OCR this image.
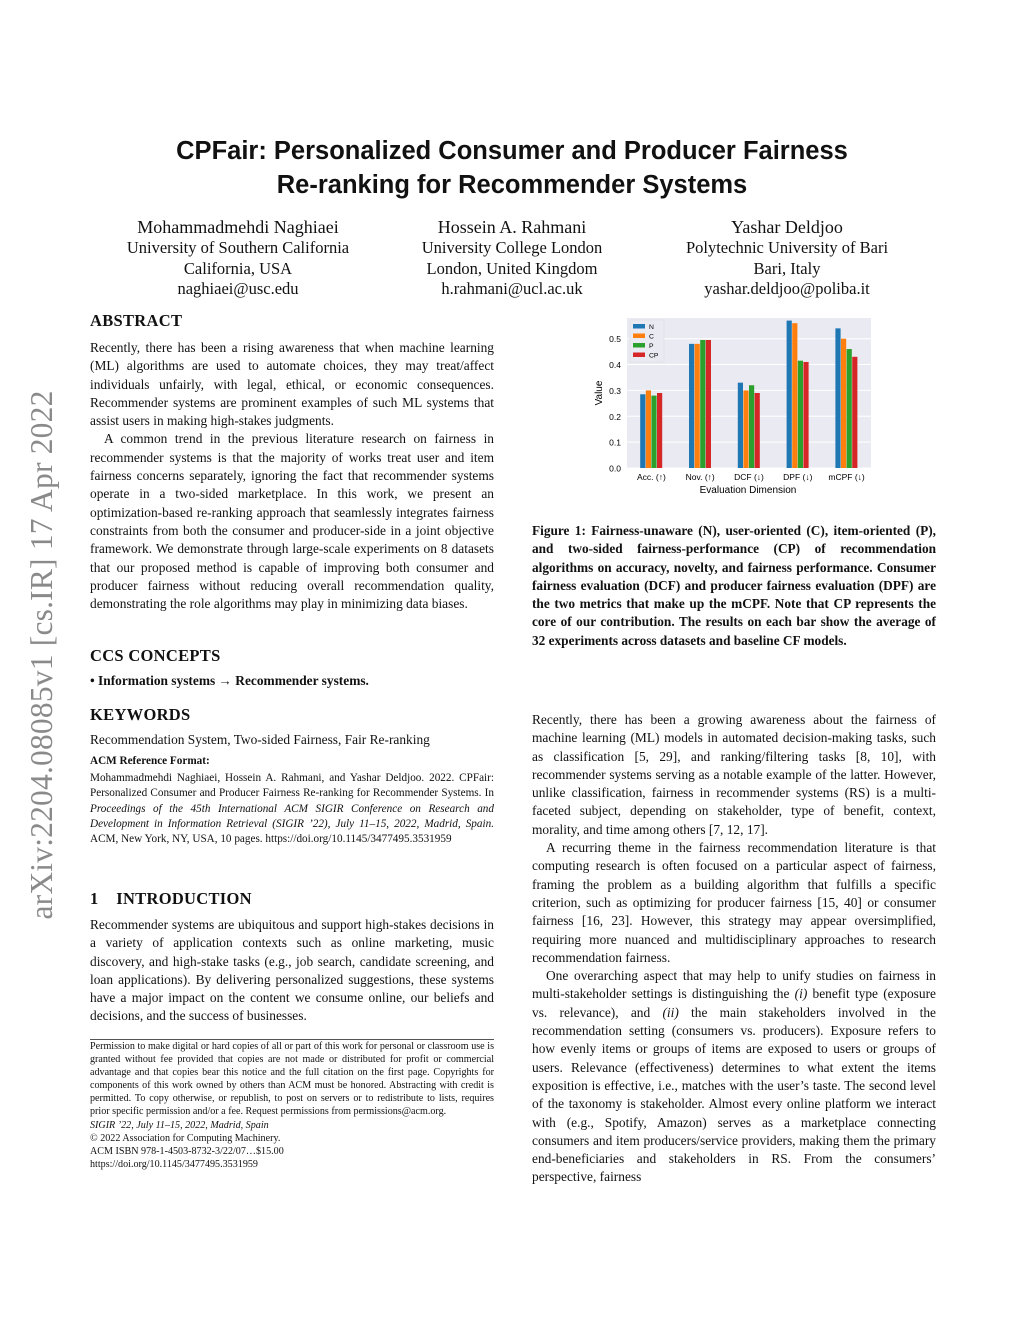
arXiv:2204.08085v1 [cs.IR] 17 Apr 2022
CPFair: Personalized Consumer and Producer Fairness
Re-ranking for Recommender Systems
Mohammadmehdi Naghiaei
University of Southern California
California, USA
naghiaei@usc.edu
Hossein A. Rahmani
University College London
London, United Kingdom
h.rahmani@ucl.ac.uk
Yashar Deldjoo
Polytechnic University of Bari
Bari, Italy
yashar.deldjoo@poliba.it
ABSTRACT

Recently, there has been a rising awareness that when machine learning (ML) algorithms are used to automate choices, they may treat/affect individuals unfairly, with legal, ethical, or economic consequences. Recommender systems are prominent examples of such ML systems that assist users in making high-stakes judgments.

A common trend in the previous literature research on fairness in recommender systems is that the majority of works treat user and item fairness concerns separately, ignoring the fact that recommender systems operate in a two-sided marketplace. In this work, we present an optimization-based re-ranking approach that seamlessly integrates fairness constraints from both the consumer and producer-side in a joint objective framework. We demonstrate through large-scale experiments on 8 datasets that our proposed method is capable of improving both consumer and producer fairness without reducing overall recommendation quality, demonstrating the role algorithms may play in minimizing data biases.

CCS CONCEPTS

• Information systems → Recommender systems.

KEYWORDS

Recommendation System, Two-sided Fairness, Fair Re-ranking

ACM Reference Format:

Mohammadmehdi Naghiaei, Hossein A. Rahmani, and Yashar Deldjoo. 2022. CPFair: Personalized Consumer and Producer Fairness Re-ranking for Recommender Systems. In Proceedings of the 45th International ACM SIGIR Conference on Research and Development in Information Retrieval (SIGIR ’22), July 11–15, 2022, Madrid, Spain. ACM, New York, NY, USA, 10 pages. https://doi.org/10.1145/3477495.3531959

1    INTRODUCTION

Recommender systems are ubiquitous and support high-stakes decisions in a variety of application contexts such as online marketing, music discovery, and high-stake tasks (e.g., job search, candidate screening, and loan applications). By delivering personalized suggestions, these systems have a major impact on the content we consume online, our beliefs and decisions, and the success of businesses.

Permission to make digital or hard copies of all or part of this work for personal or classroom use is granted without fee provided that copies are not made or distributed for profit or commercial advantage and that copies bear this notice and the full citation on the first page. Copyrights for components of this work owned by others than ACM must be honored. Abstracting with credit is permitted. To copy otherwise, or republish, to post on servers or to redistribute to lists, requires prior specific permission and/or a fee. Request permissions from permissions@acm.org.

SIGIR ’22, July 11–15, 2022, Madrid, Spain

© 2022 Association for Computing Machinery.

ACM ISBN 978-1-4503-8732-3/22/07…$15.00

https://doi.org/10.1145/3477495.3531959

0.0
0.1
0.2
0.3
0.4
0.5
Acc. (↑) Nov. (↑) DCF (↓) DPF (↓) mCPF (↓)
N
C
P
CP
Value
Evaluation Dimension

Figure 1: Fairness-unaware (N), user-oriented (C), item-oriented (P), and two-sided fairness-performance (CP) of recommendation algorithms on accuracy, novelty, and fairness performance. Consumer fairness evaluation (DCF) and producer fairness evaluation (DPF) are the two metrics that make up the mCPF. Note that CP represents the core of our contribution. The results on each bar show the average of 32 experiments across datasets and baseline CF models.

Recently, there has been a growing awareness about the fairness of machine learning (ML) models in automated decision-making tasks, such as classification [5, 29], and ranking/filtering tasks [8, 10], with recommender systems serving as a notable example of the latter. However, unlike classification, fairness in recommender systems (RS) is a multi-faceted subject, depending on stakeholder, type of benefit, context, morality, and time among others [7, 12, 17].

A recurring theme in the fairness recommendation literature is that computing research is often focused on a particular aspect of fairness, framing the problem as a building algorithm that fulfills a specific criterion, such as optimizing for producer fairness [15, 40] or consumer fairness [16, 23]. However, this strategy may appear oversimplified, requiring more nuanced and multidisciplinary approaches to research recommendation fairness.

One overarching aspect that may help to unify studies on fairness in multi-stakeholder settings is distinguishing the (i) benefit type (exposure vs. relevance), and (ii) the main stakeholders involved in the recommendation setting (consumers vs. producers). Exposure refers to how evenly items or groups of items are exposed to users or groups of users. Relevance (effectiveness) determines to what extent the items exposition is effective, i.e., matches with the user’s taste. The second level of the taxonomy is stakeholder. Almost every online platform we interact with (e.g., Spotify, Amazon) serves as a marketplace connecting consumers and item producers/service providers, making them the primary end-beneficiaries and stakeholders in RS. From the consumers’ perspective, fairness
